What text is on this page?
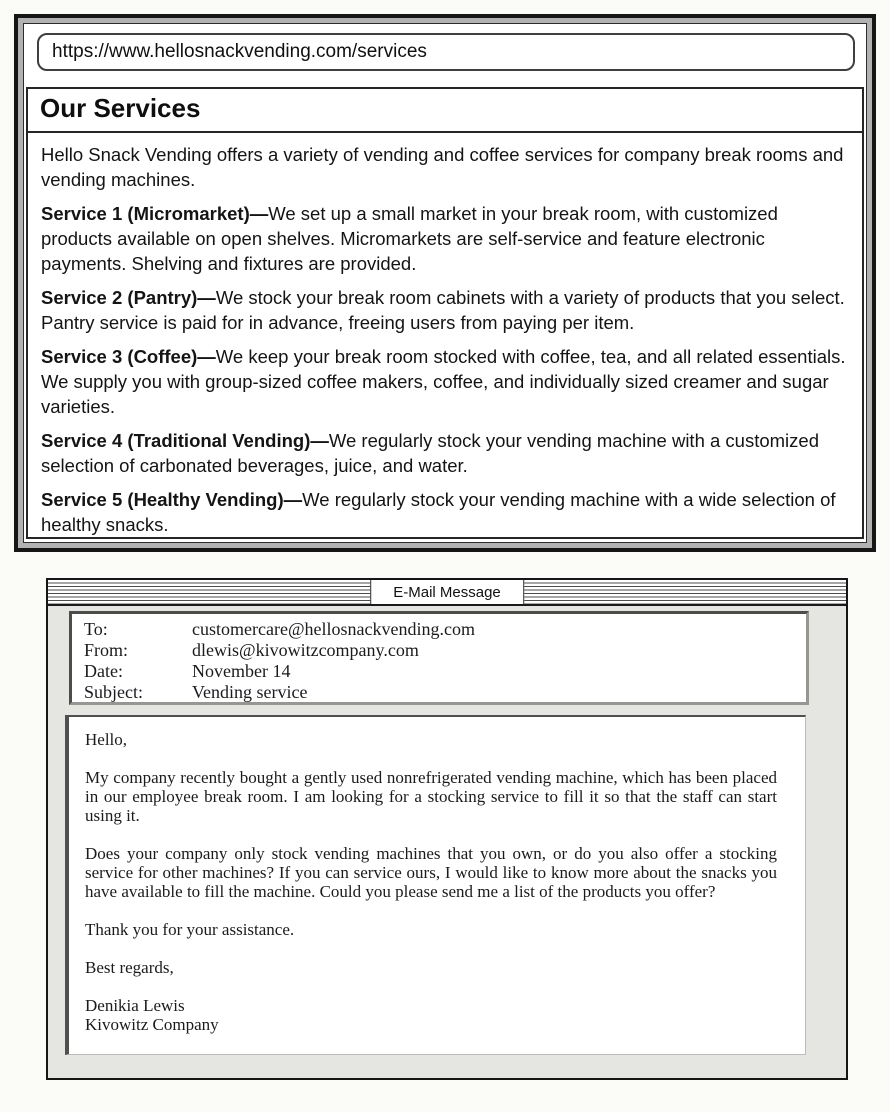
https://www.hellosnackvending.com/services
Our Services

Hello Snack Vending offers a variety of vending and coffee services for company break rooms and vending machines.

Service 1 (Micromarket)—We set up a small market in your break room, with customized products available on open shelves. Micromarkets are self-service and feature electronic payments. Shelving and fixtures are provided.

Service 2 (Pantry)—We stock your break room cabinets with a variety of products that you select. Pantry service is paid for in advance, freeing users from paying per item.

Service 3 (Coffee)—We keep your break room stocked with coffee, tea, and all related essentials. We supply you with group-sized coffee makers, coffee, and individually sized creamer and sugar varieties.

Service 4 (Traditional Vending)—We regularly stock your vending machine with a customized selection of carbonated beverages, juice, and water.

Service 5 (Healthy Vending)—We regularly stock your vending machine with a wide selection of healthy snacks.

E-Mail Message
To:	customercare@hellosnackvending.com
From:	dlewis@kivowitzcompany.com
Date:	November 14
Subject:	Vending service

Hello,

My company recently bought a gently used nonrefrigerated vending machine, which has been placed in our employee break room. I am looking for a stocking service to fill it so that the staff can start using it.

Does your company only stock vending machines that you own, or do you also offer a stocking service for other machines? If you can service ours, I would like to know more about the snacks you have available to fill the machine. Could you please send me a list of the products you offer?

Thank you for your assistance.

Best regards,

Denikia Lewis
Kivowitz Company
